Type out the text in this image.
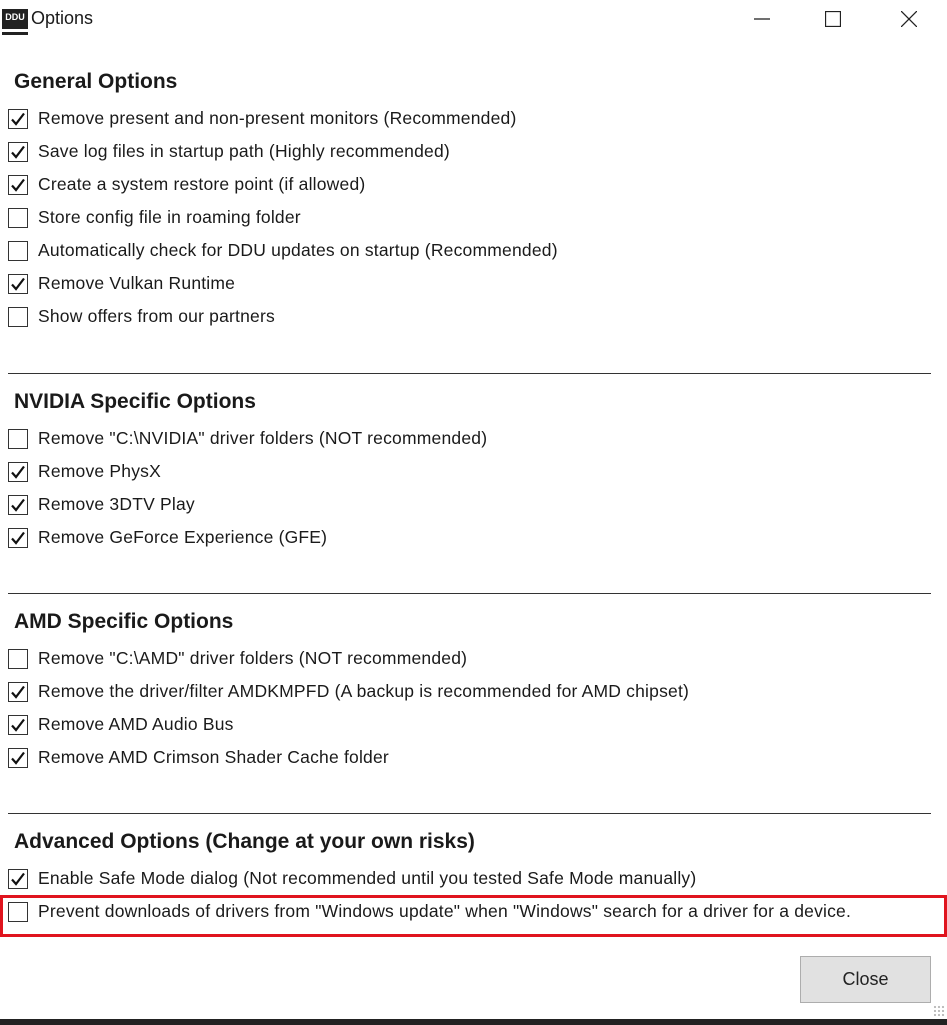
DDU Options
General Options
Remove present and non-present monitors (Recommended)
Save log files in startup path (Highly recommended)
Create a system restore point (if allowed)
Store config file in roaming folder
Automatically check for DDU updates on startup (Recommended)
Remove Vulkan Runtime
Show offers from our partners
NVIDIA Specific Options
Remove "C:\NVIDIA" driver folders (NOT recommended)
Remove PhysX
Remove 3DTV Play
Remove GeForce Experience (GFE)
AMD Specific Options
Remove "C:\AMD" driver folders (NOT recommended)
Remove the driver/filter AMDKMPFD (A backup is recommended for AMD chipset)
Remove AMD Audio Bus
Remove AMD Crimson Shader Cache folder
Advanced Options (Change at your own risks)
Enable Safe Mode dialog (Not recommended until you tested Safe Mode manually)
Prevent downloads of drivers from "Windows update" when "Windows" search for a driver for a device.
Close
